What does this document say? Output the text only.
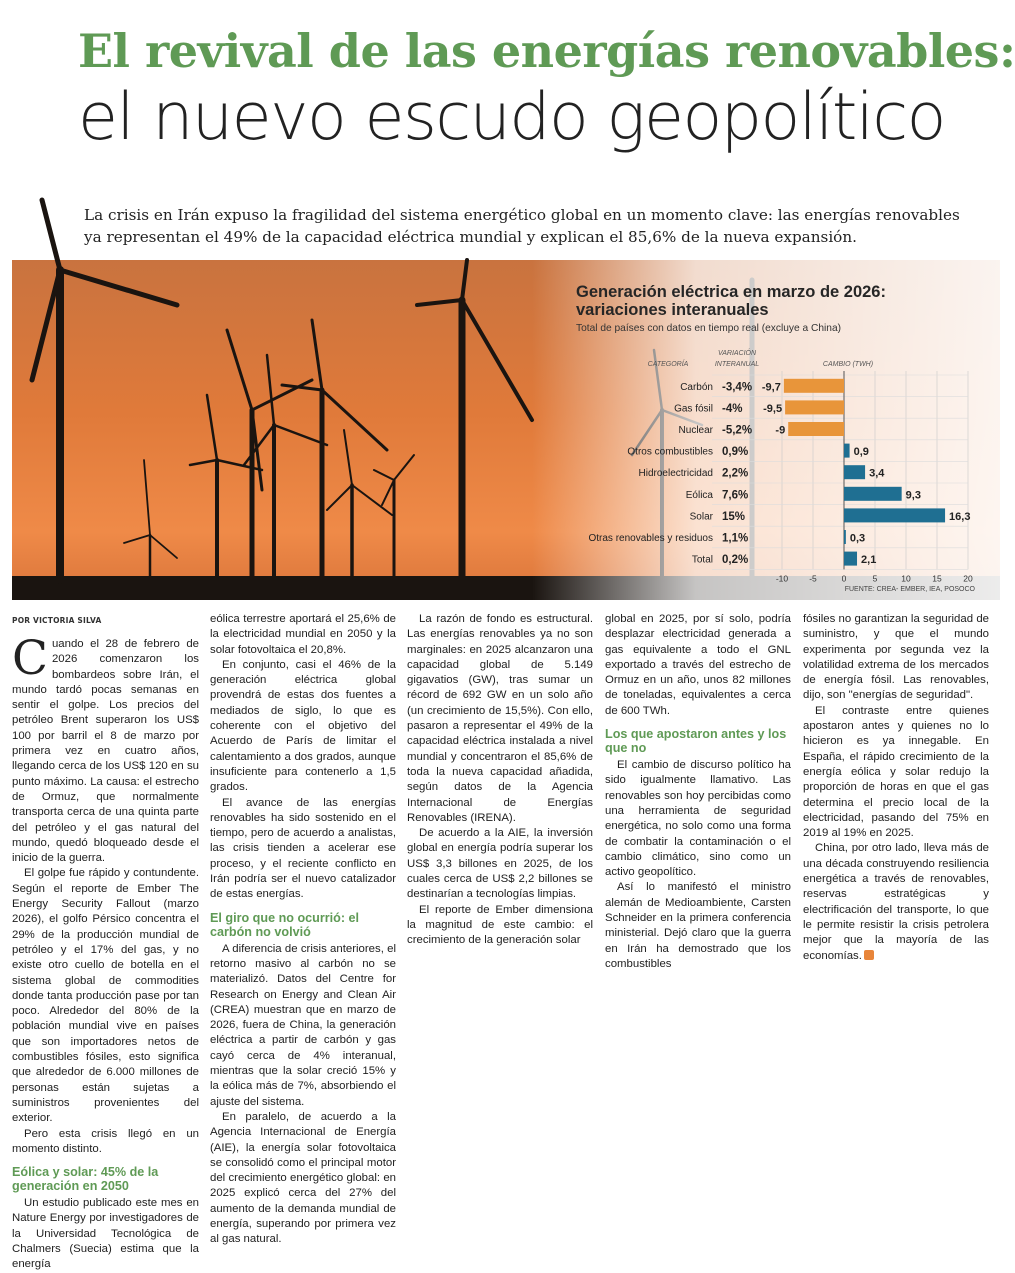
El revival de las energías renovables:
el nuevo escudo geopolítico

La crisis en Irán expuso la fragilidad del sistema energético global en un momento clave: las energías renovables ya representan el 49% de la capacidad eléctrica mundial y explican el 85,6% de la nueva expansión.

Generación eléctrica en marzo de 2026: variaciones interanuales
Total de países con datos en tiempo real (excluye a China)
CATEGORÍA
VARIACIÓN
INTERANUAL	CAMBIO (TWH)
-10 -5	0	5	10	15	20
Carbón -3,4% -9,7
Gas fósil -4% -9,5
Nuclear -5,2% -9
Otros combustibles 0,9%	0,9
Hidroelectricidad 2,2%	3,4
Eólica 7,6%	9,3
Solar 15%	16,3
Otras renovables y residuos 1,1%	0,3
Total 0,2%	2,1
FUENTE: CREA- EMBER, IEA, POSOCO
POR VICTORIA SILVA
C uando el 28 de febrero de 2026 comenzaron los bombardeos sobre Irán, el mundo tardó pocas semanas en sentir el golpe. Los precios del petróleo Brent superaron los US$ 100 por barril el 8 de marzo por primera vez en cuatro años, llegando cerca de los US$ 120 en su punto máximo. La causa: el estrecho de Ormuz, que normalmente transporta cerca de una quinta parte del petróleo y el gas natural del mundo, quedó bloqueado desde el inicio de la guerra.

El golpe fue rápido y contundente. Según el reporte de Ember The Energy Security Fallout (marzo 2026), el golfo Pérsico concentra el 29% de la producción mundial de petróleo y el 17% del gas, y no existe otro cuello de botella en el sistema global de commodities donde tanta producción pase por tan poco. Alrededor del 80% de la población mundial vive en países que son importadores netos de combustibles fósiles, esto significa que alrededor de 6.000 millones de personas están sujetas a suministros provenientes del exterior.

Pero esta crisis llegó en un momento distinto.

Eólica y solar: 45% de la generación en 2050

Un estudio publicado este mes en Nature Energy por investigadores de la Universidad Tecnológica de Chalmers (Suecia) estima que la energía

eólica terrestre aportará el 25,6% de la electricidad mundial en 2050 y la solar fotovoltaica el 20,8%.

En conjunto, casi el 46% de la generación eléctrica global provendrá de estas dos fuentes a mediados de siglo, lo que es coherente con el objetivo del Acuerdo de París de limitar el calentamiento a dos grados, aunque insuficiente para contenerlo a 1,5 grados.

El avance de las energías renovables ha sido sostenido en el tiempo, pero de acuerdo a analistas, las crisis tienden a acelerar ese proceso, y el reciente conflicto en Irán podría ser el nuevo catalizador de estas energías.

El giro que no ocurrió: el carbón no volvió

A diferencia de crisis anteriores, el retorno masivo al carbón no se materializó. Datos del Centre for Research on Energy and Clean Air (CREA) muestran que en marzo de 2026, fuera de China, la generación eléctrica a partir de carbón y gas cayó cerca de 4% interanual, mientras que la solar creció 15% y la eólica más de 7%, absorbiendo el ajuste del sistema.

En paralelo, de acuerdo a la Agencia Internacional de Energía (AIE), la energía solar fotovoltaica se consolidó como el principal motor del crecimiento energético global: en 2025 explicó cerca del 27% del aumento de la demanda mundial de energía, superando por primera vez al gas natural.

La razón de fondo es estructural. Las energías renovables ya no son marginales: en 2025 alcanzaron una capacidad global de 5.149 gigavatios (GW), tras sumar un récord de 692 GW en un solo año (un crecimiento de 15,5%). Con ello, pasaron a representar el 49% de la capacidad eléctrica instalada a nivel mundial y concentraron el 85,6% de toda la nueva capacidad añadida, según datos de la Agencia Internacional de Energías Renovables (IRENA).

De acuerdo a la AIE, la inversión global en energía podría superar los US$ 3,3 billones en 2025, de los cuales cerca de US$ 2,2 billones se destinarían a tecnologías limpias.

El reporte de Ember dimensiona la magnitud de este cambio: el crecimiento de la generación solar

global en 2025, por sí solo, podría desplazar electricidad generada a gas equivalente a todo el GNL exportado a través del estrecho de Ormuz en un año, unos 82 millones de toneladas, equivalentes a cerca de 600 TWh.

Los que apostaron antes y los que no

El cambio de discurso político ha sido igualmente llamativo. Las renovables son hoy percibidas como una herramienta de seguridad energética, no solo como una forma de combatir la contaminación o el cambio climático, sino como un activo geopolítico.

Así lo manifestó el ministro alemán de Medioambiente, Carsten Schneider en la primera conferencia ministerial. Dejó claro que la guerra en Irán ha demostrado que los combustibles

fósiles no garantizan la seguridad de suministro, y que el mundo experimenta por segunda vez la volatilidad extrema de los mercados de energía fósil. Las renovables, dijo, son "energías de seguridad".

El contraste entre quienes apostaron antes y quienes no lo hicieron es ya innegable. En España, el rápido crecimiento de la energía eólica y solar redujo la proporción de horas en que el gas determina el precio local de la electricidad, pasando del 75% en 2019 al 19% en 2025.

China, por otro lado, lleva más de una década construyendo resiliencia energética a través de renovables, reservas estratégicas y electrificación del transporte, lo que le permite resistir la crisis petrolera mejor que la mayoría de las economías.
